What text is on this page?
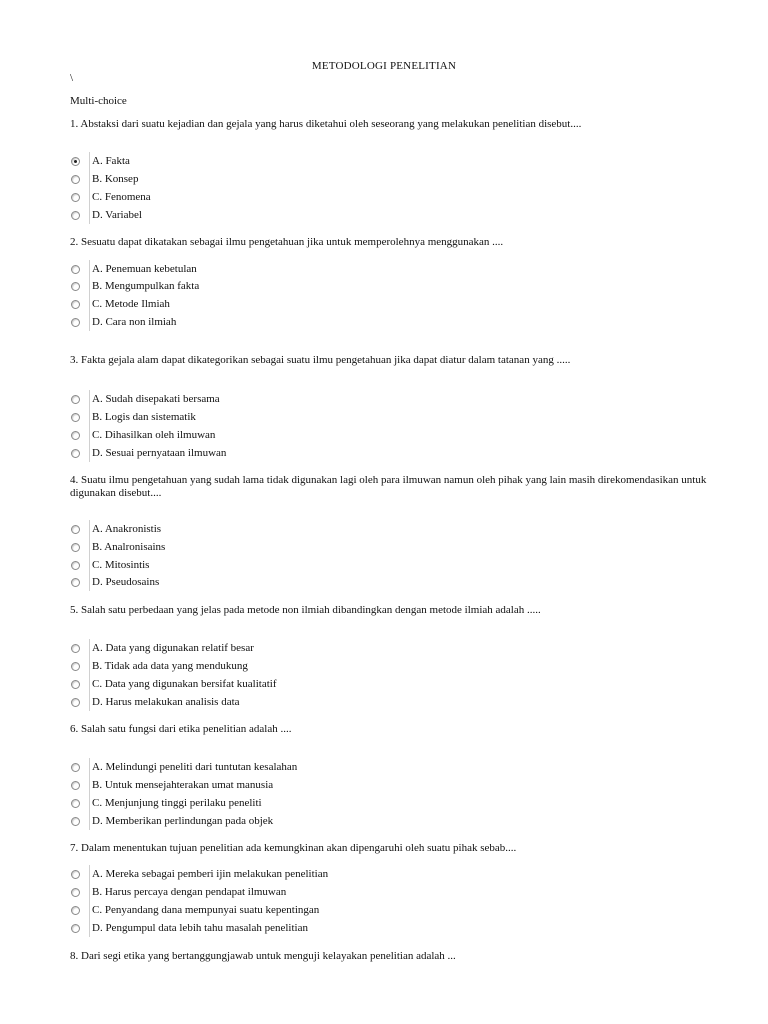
METODOLOGI PENELITIAN
\
Multi-choice
1. Abstaksi dari suatu kejadian dan gejala yang harus diketahui oleh seseorang yang melakukan penelitian disebut....
A. Fakta
B. Konsep
C. Fenomena
D. Variabel
2. Sesuatu dapat dikatakan sebagai ilmu pengetahuan jika untuk memperolehnya menggunakan ....
A. Penemuan kebetulan
B. Mengumpulkan fakta
C. Metode Ilmiah
D. Cara non ilmiah
3. Fakta gejala alam dapat dikategorikan sebagai suatu ilmu pengetahuan jika dapat diatur dalam tatanan yang .....
A. Sudah disepakati bersama
B. Logis dan sistematik
C. Dihasilkan oleh ilmuwan
D. Sesuai pernyataan ilmuwan
4. Suatu ilmu pengetahuan yang sudah lama tidak digunakan lagi oleh para ilmuwan namun oleh pihak yang lain masih direkomendasikan untuk digunakan disebut....
A. Anakronistis
B. Analronisains
C. Mitosintis
D. Pseudosains
5. Salah satu perbedaan yang jelas pada metode non ilmiah dibandingkan dengan metode ilmiah adalah .....
A. Data yang digunakan relatif besar
B. Tidak ada data yang mendukung
C. Data yang digunakan bersifat kualitatif
D. Harus melakukan analisis data
6. Salah satu fungsi dari etika penelitian adalah ....
A. Melindungi peneliti dari tuntutan kesalahan
B. Untuk mensejahterakan umat manusia
C. Menjunjung tinggi perilaku peneliti
D. Memberikan perlindungan pada objek
7. Dalam menentukan tujuan penelitian ada kemungkinan akan dipengaruhi oleh suatu pihak sebab....
A. Mereka sebagai pemberi ijin melakukan penelitian
B. Harus percaya dengan pendapat ilmuwan
C. Penyandang dana mempunyai suatu kepentingan
D. Pengumpul data lebih tahu masalah penelitian
8. Dari segi etika yang bertanggungjawab untuk menguji kelayakan penelitian adalah ...
